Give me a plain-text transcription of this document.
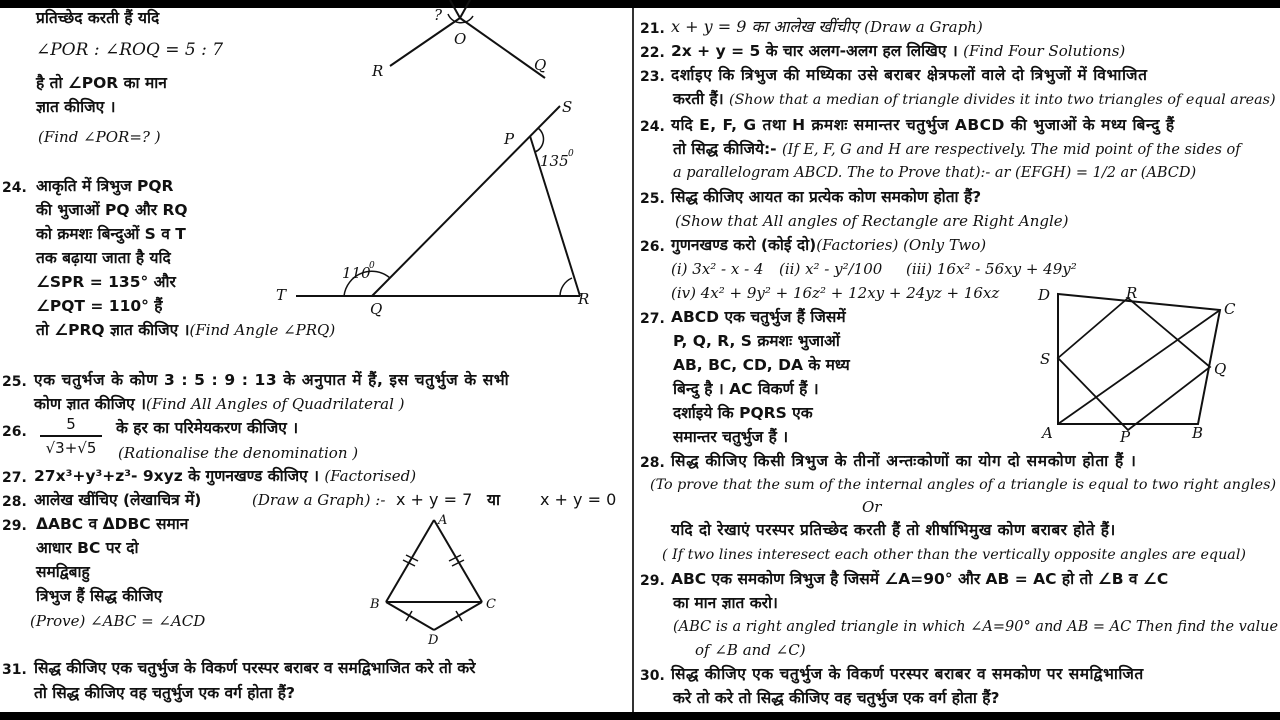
प्रतिच्छेद करती हैं यदि
∠POR : ∠ROQ = 5 : 7
है तो ∠POR का मान
ज्ञात कीजिए ।
(Find ∠POR=? )
?
O
R	Q
24. आकृति में त्रिभुज PQR
की भुजाओं PQ और RQ
को क्रमशः बिन्दुओं S व T
तक बढ़ाया जाता है यदि
∠SPR = 135° और
∠PQT = 110° हैं
तो ∠PRQ ज्ञात कीजिए ।(Find Angle ∠PRQ)
S
P
135 0
110
0
T
Q
R
25. एक चतुर्भज के कोण 3 : 5 : 9 : 13 के अनुपात में हैं, इस चतुर्भुज के सभी
कोण ज्ञात कीजिए ।(Find All Angles of Quadrilateral )
26.	5
√3+√5
के हर का परिमेयकरण कीजिए ।
(Rationalise the denomination )
27. 27x³+y³+z³- 9xyz के गुणनखण्ड कीजिए । (Factorised)
28. आलेख खींचिए (लेखाचित्र में)	(Draw a Graph) :- x + y = 7 या x + y = 0
29. ΔABC व ΔDBC समान
आधार BC पर दो
समद्विबाहु
त्रिभुज हैं सिद्ध कीजिए
(Prove) ∠ABC = ∠ACD
A
B	C
D
31. सिद्ध कीजिए एक चतुर्भुज के विकर्ण परस्पर बराबर व समद्विभाजित करे तो करे
तो सिद्ध कीजिए वह चतुर्भुज एक वर्ग होता हैं?
21. x + y = 9 का आलेख खींचीए (Draw a Graph)
22. 2x + y = 5 के चार अलग-अलग हल लिखिए । (Find Four Solutions)
23. दर्शाइए कि त्रिभुज की मध्यिका उसे बराबर क्षेत्रफलों वाले दो त्रिभुजों में विभाजित
करती हैं। (Show that a median of triangle divides it into two triangles of equal areas)
24. यदि E, F, G तथा H क्रमशः समान्तर चतुर्भुज ABCD की भुजाओं के मध्य बिन्दु हैं
तो सिद्ध कीजिये:- (If E, F, G and H are respectively. The mid point of the sides of
a parallelogram ABCD. The to Prove that):- ar (EFGH) = 1/2 ar (ABCD)
25. सिद्ध कीजिए आयत का प्रत्येक कोण समकोण होता हैं?
(Show that All angles of Rectangle are Right Angle)
26. गुणनखण्ड करो (कोई दो)(Factories) (Only Two)
(i) 3x² - x - 4 (ii) x² - y²/100 (iii) 16x² - 56xy + 49y²
(iv) 4x² + 9y² + 16z² + 12xy + 24yz + 16xz
27. ABCD एक चतुर्भुज हैं जिसमें
P, Q, R, S क्रमशः भुजाओं
AB, BC, CD, DA के मध्य
बिन्दु है । AC विकर्ण हैं ।
दर्शाइये कि PQRS एक
समान्तर चतुर्भुज हैं ।
D	R
C
S
Q
A	P	B
28. सिद्ध कीजिए किसी त्रिभुज के तीनों अन्तःकोणों का योग दो समकोण होता हैं ।
(To prove that the sum of the internal angles of a triangle is equal to two right angles)
Or
यदि दो रेखाएं परस्पर प्रतिच्छेद करती हैं तो शीर्षाभिमुख कोण बराबर होते हैं।
( If two lines interesect each other than the vertically opposite angles are equal)
29. ABC एक समकोण त्रिभुज है जिसमें ∠A=90° और AB = AC हो तो ∠B व ∠C
का मान ज्ञात करो।
(ABC is a right angled triangle in which ∠A=90° and AB = AC Then find the value
of ∠B and ∠C)
30. सिद्ध कीजिए एक चतुर्भुज के विकर्ण परस्पर बराबर व समकोण पर समद्विभाजित
करे तो करे तो सिद्ध कीजिए वह चतुर्भुज एक वर्ग होता हैं?
